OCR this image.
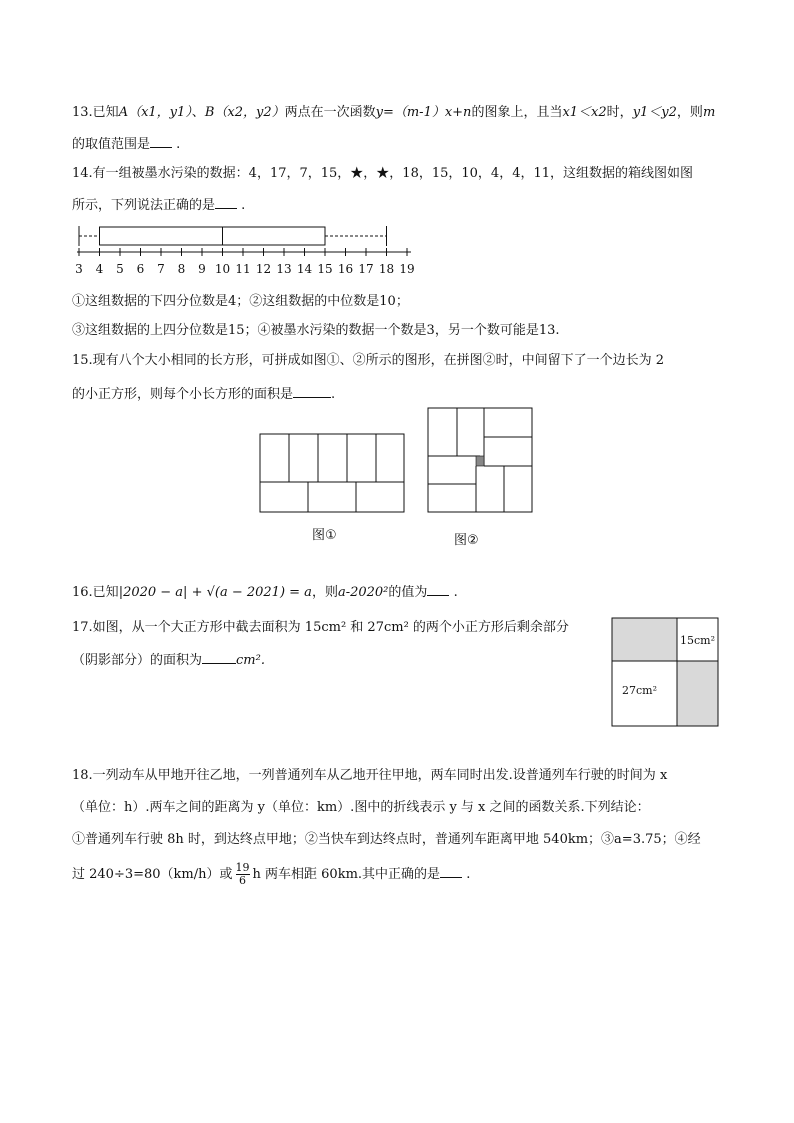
13.已知A（x1，y1）、B（x2，y2）两点在一次函数y=（m-1）x+n的图象上，且当x1＜x2时，y1＜y2，则m
的取值范围是 .
14.有一组被墨水污染的数据：4，17，7，15，★，★，18，15，10，4，4，11，这组数据的箱线图如图
所示，下列说法正确的是 .
3 4 5 6 7 8 9 10 11 12 13 14 15 16 17 18 19
①这组数据的下四分位数是4；②这组数据的中位数是10；
③这组数据的上四分位数是15；④被墨水污染的数据一个数是3，另一个数可能是13.
15.现有八个大小相同的长方形，可拼成如图①、②所示的图形，在拼图②时，中间留下了一个边长为 2
的小正方形，则每个小长方形的面积是	.
图①	图②
16.已知|2020 − a| + √(a − 2021) = a，则a-2020²的值为 .
17.如图，从一个大正方形中截去面积为 15cm² 和 27cm² 的两个小正方形后剩余部分
（阴影部分）的面积为	cm².
15cm²
27cm²
18.一列动车从甲地开往乙地，一列普通列车从乙地开往甲地，两车同时出发.设普通列车行驶的时间为 x
（单位：h）.两车之间的距离为 y（单位：km）.图中的折线表示 y 与 x 之间的函数关系.下列结论：
①普通列车行驶 8h 时，到达终点甲地；②当快车到达终点时，普通列车距离甲地 540km；③a=3.75；④经
过 240÷3=80（km/h）或 $\frac{19}{6}$ h 两车相距 60km.其中正确的是 .
